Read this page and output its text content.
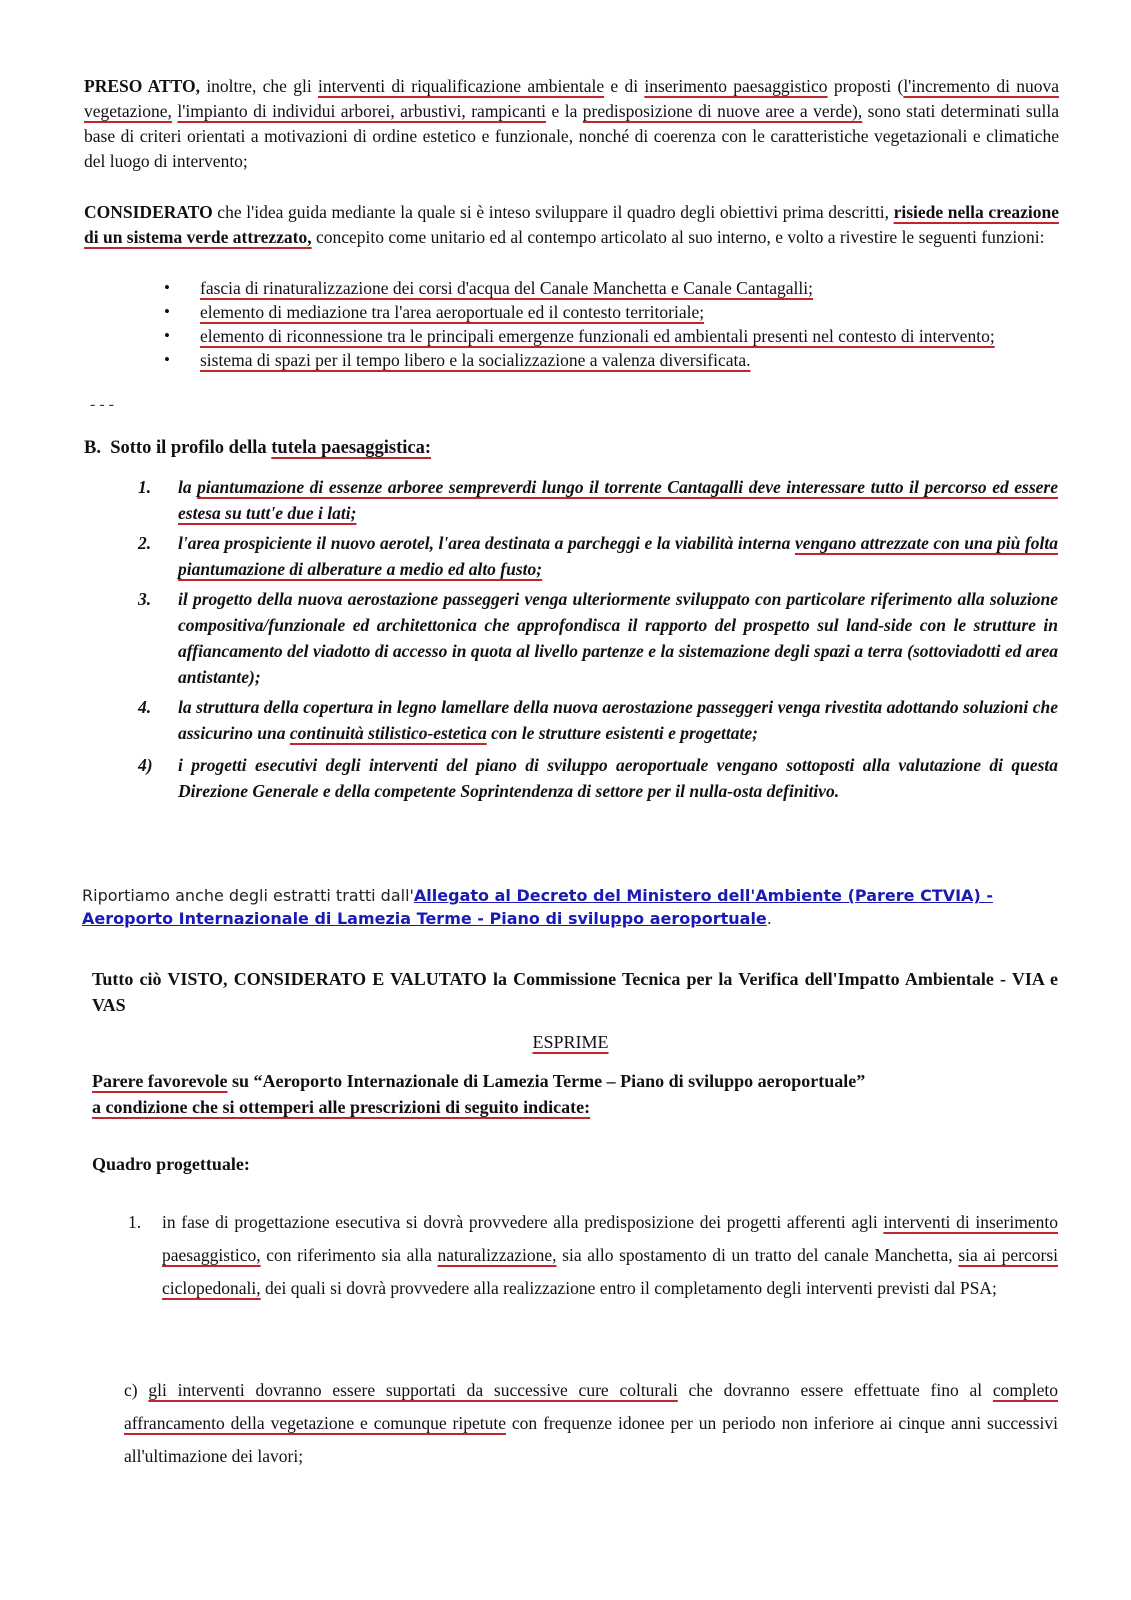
PRESO ATTO, inoltre, che gli interventi di riqualificazione ambientale e di inserimento paesaggistico proposti (l'incremento di nuova vegetazione, l'impianto di individui arborei, arbustivi, rampicanti e la predisposizione di nuove aree a verde), sono stati determinati sulla base di criteri orientati a motivazioni di ordine estetico e funzionale, nonché di coerenza con le caratteristiche vegetazionali e climatiche del luogo di intervento;
CONSIDERATO che l'idea guida mediante la quale si è inteso sviluppare il quadro degli obiettivi prima descritti, risiede nella creazione di un sistema verde attrezzato, concepito come unitario ed al contempo articolato al suo interno, e volto a rivestire le seguenti funzioni:
• fascia di rinaturalizzazione dei corsi d'acqua del Canale Manchetta e Canale Cantagalli;
• elemento di mediazione tra l'area aeroportuale ed il contesto territoriale;
• elemento di riconnessione tra le principali emergenze funzionali ed ambientali presenti nel contesto di intervento;
• sistema di spazi per il tempo libero e la socializzazione a valenza diversificata.
- - -
B. Sotto il profilo della tutela paesaggistica:
1. la piantumazione di essenze arboree sempreverdi lungo il torrente Cantagalli deve interessare tutto il percorso ed essere estesa su tutt'e due i lati;
2. l'area prospiciente il nuovo aerotel, l'area destinata a parcheggi e la viabilità interna vengano attrezzate con una più folta piantumazione di alberature a medio ed alto fusto;
3. il progetto della nuova aerostazione passeggeri venga ulteriormente sviluppato con particolare riferimento alla soluzione compositiva/funzionale ed architettonica che approfondisca il rapporto del prospetto sul land-side con le strutture in affiancamento del viadotto di accesso in quota al livello partenze e la sistemazione degli spazi a terra (sottoviadotti ed area antistante);
4. la struttura della copertura in legno lamellare della nuova aerostazione passeggeri venga rivestita adottando soluzioni che assicurino una continuità stilistico-estetica con le strutture esistenti e progettate;
4) i progetti esecutivi degli interventi del piano di sviluppo aeroportuale vengano sottoposti alla valutazione di questa Direzione Generale e della competente Soprintendenza di settore per il nulla-osta definitivo.
Riportiamo anche degli estratti tratti dall'Allegato al Decreto del Ministero dell'Ambiente (Parere CTVIA) - Aeroporto Internazionale di Lamezia Terme - Piano di sviluppo aeroportuale.
Tutto ciò VISTO, CONSIDERATO E VALUTATO la Commissione Tecnica per la Verifica dell'Impatto Ambientale - VIA e VAS
ESPRIME
Parere favorevole su “Aeroporto Internazionale di Lamezia Terme – Piano di sviluppo aeroportuale”
a condizione che si ottemperi alle prescrizioni di seguito indicate:
Quadro progettuale:
1. in fase di progettazione esecutiva si dovrà provvedere alla predisposizione dei progetti afferenti agli interventi di inserimento paesaggistico, con riferimento sia alla naturalizzazione, sia allo spostamento di un tratto del canale Manchetta, sia ai percorsi ciclopedonali, dei quali si dovrà provvedere alla realizzazione entro il completamento degli interventi previsti dal PSA;
c) gli interventi dovranno essere supportati da successive cure colturali che dovranno essere effettuate fino al completo affrancamento della vegetazione e comunque ripetute con frequenze idonee per un periodo non inferiore ai cinque anni successivi all'ultimazione dei lavori;
